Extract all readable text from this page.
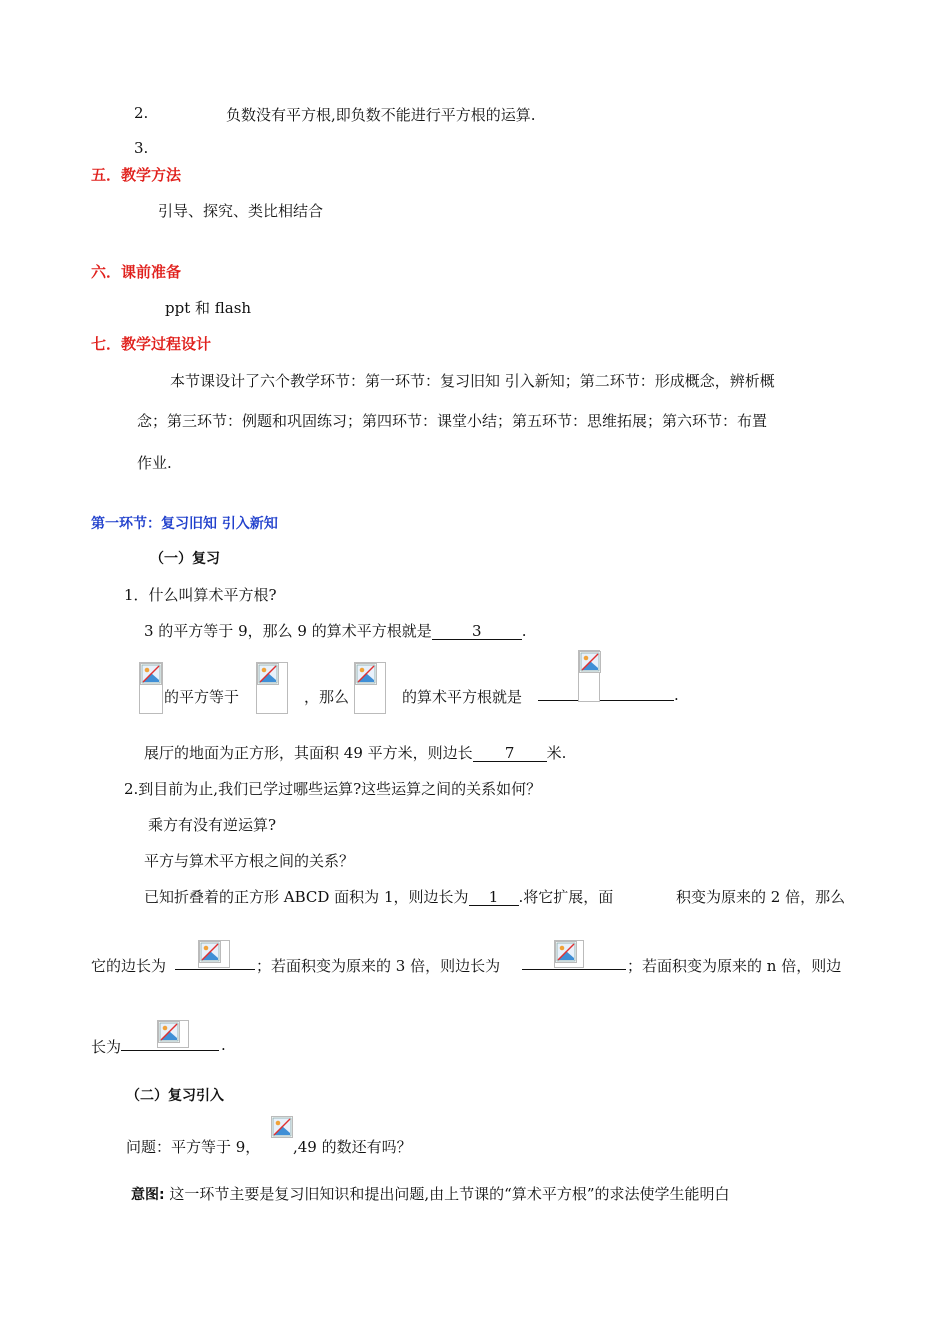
2.	负数没有平方根,即负数不能进行平方根的运算.
3.
五．教学方法
引导、探究、类比相结合
六．课前准备
ppt 和 flash
七．教学过程设计
本节课设计了六个教学环节：第一环节：复习旧知 引入新知；第二环节：形成概念，辨析概
念；第三环节：例题和巩固练习；第四环节：课堂小结；第五环节：思维拓展；第六环节：布置
作业.
第一环节：复习旧知 引入新知
（一）复习
1．什么叫算术平方根?
3 的平方等于 9，那么 9 的算术平方根就是	3	.
的平方等于	，那么	的算术平方根就是	.
展厅的地面为正方形，其面积 49 平方米，则边长 7 米.
2.到目前为止,我们已学过哪些运算?这些运算之间的关系如何？
乘方有没有逆运算?
平方与算术平方根之间的关系？
已知折叠着的正方形 ABCD 面积为 1，则边长为 1 .将它扩展，面	积变为原来的 2 倍，那么
它的边长为	；若面积变为原来的 3 倍，则边长为	；若面积变为原来的 n 倍，则边
长为	.
（二）复习引入
问题：平方等于 9， ,49 的数还有吗？
意图: 这一环节主要是复习旧知识和提出问题,由上节课的“算术平方根”的求法使学生能明白
